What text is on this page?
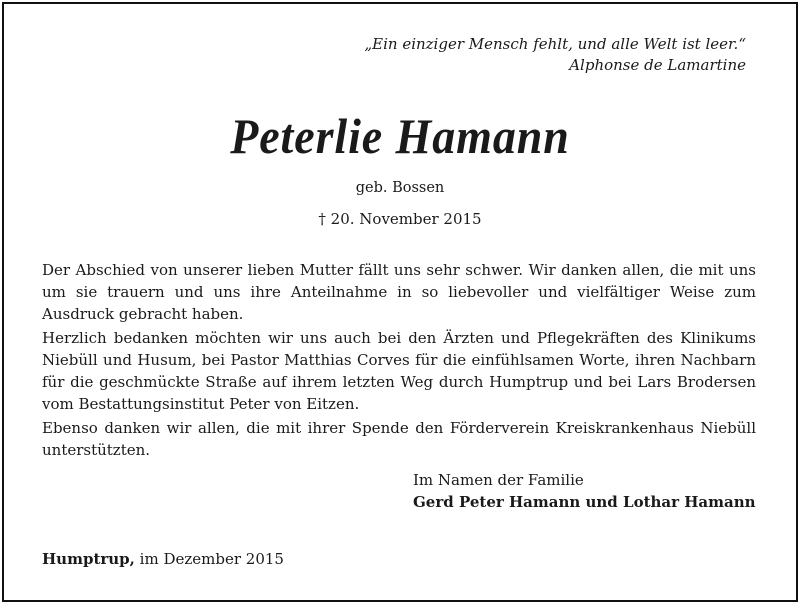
„Ein einziger Mensch fehlt, und alle Welt ist leer.“
Alphonse de Lamartine
Peterlie Hamann
geb. Bossen
† 20. November 2015

Der Abschied von unserer lieben Mutter fällt uns sehr schwer. Wir danken allen, die mit uns um sie trauern und uns ihre Anteilnahme in so liebevoller und vielfältiger Weise zum Ausdruck gebracht haben.

Herzlich bedanken möchten wir uns auch bei den Ärzten und Pflegekräften des Klinikums Niebüll und Husum, bei Pastor Matthias Corves für die einfühlsamen Worte, ihren Nachbarn für die geschmückte Straße auf ihrem letzten Weg durch Humptrup und bei Lars Brodersen vom Bestattungsinstitut Peter von Eitzen.

Ebenso danken wir allen, die mit ihrer Spende den Förderverein Kreiskrankenhaus Niebüll unterstützten.

Im Namen der Familie
Gerd Peter Hamann und Lothar Hamann
Humptrup, im Dezember 2015
